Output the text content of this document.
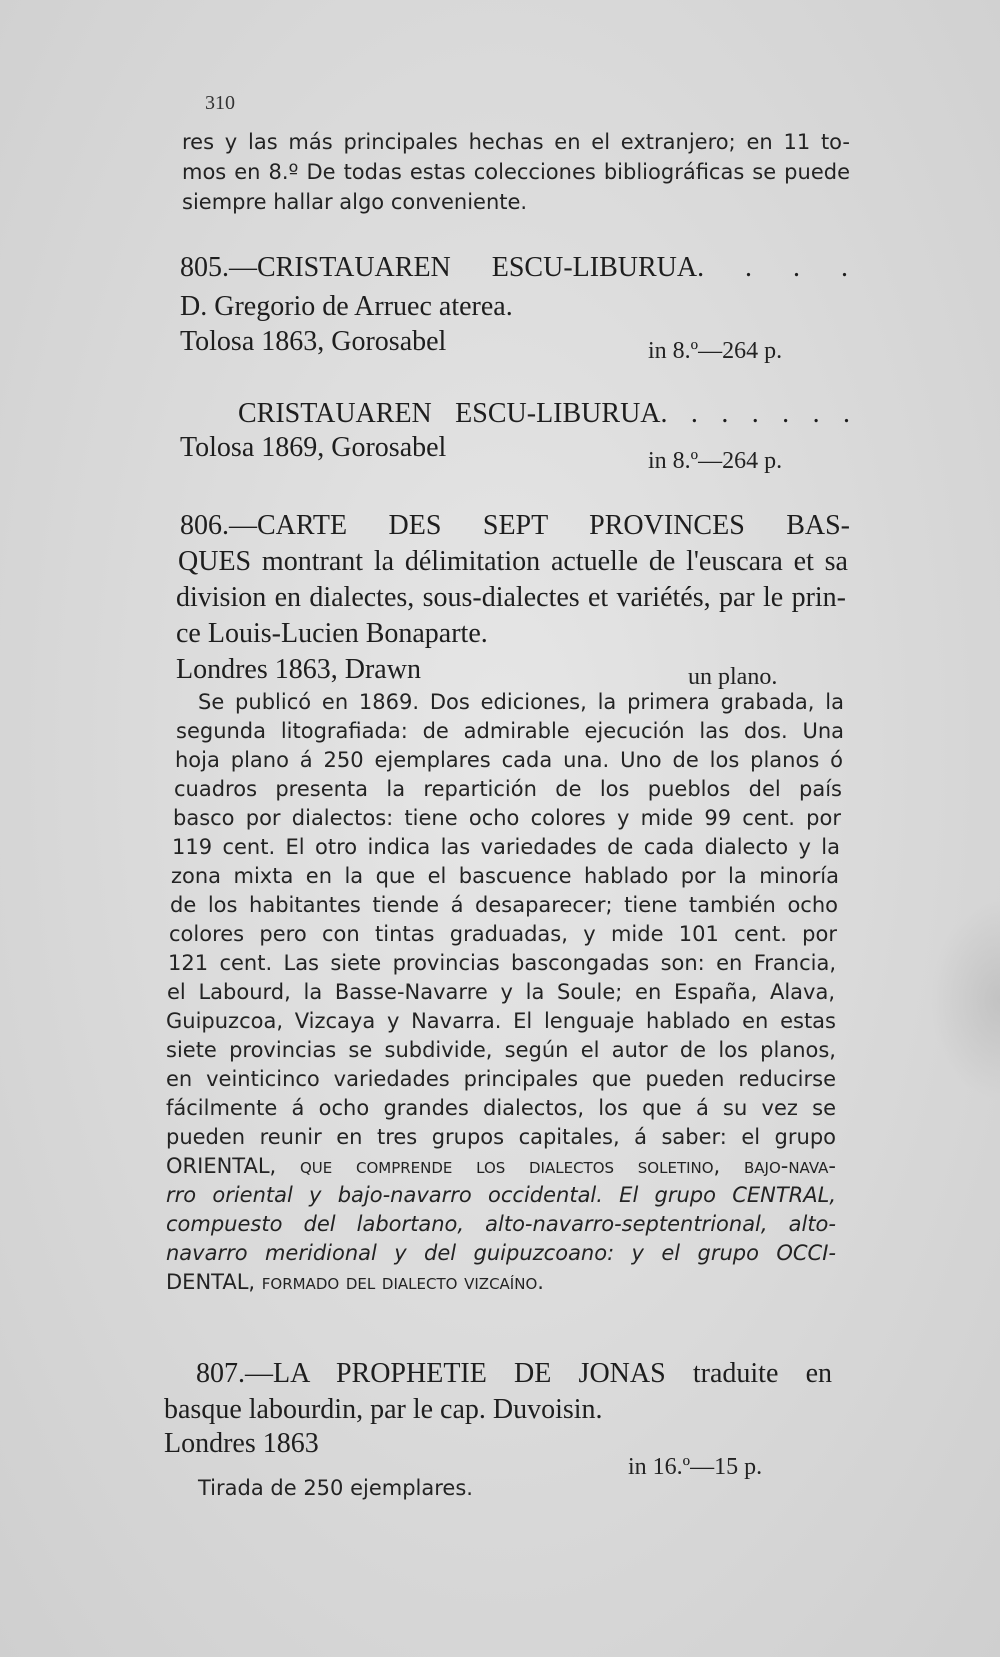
310
res y las más principales hechas en el extranjero; en 11 to-
mos en 8.º De todas estas colecciones bibliográficas se puede
siempre hallar algo conveniente.
805.—CRISTAUAREN ESCU-LIBURUA. . . .
D. Gregorio de Arruec aterea.
Tolosa 1863, Gorosabel	in 8.º—264 p.
CRISTAUAREN ESCU-LIBURUA. . . . . . .
Tolosa 1869, Gorosabel	in 8.º—264 p.
806.—CARTE DES SEPT PROVINCES BAS-
QUES montrant la délimitation actuelle de l'euscara et sa
division en dialectes, sous-dialectes et variétés, par le prin-
ce Louis-Lucien Bonaparte.
Londres 1863, Drawn	un plano.
Se publicó en 1869. Dos ediciones, la primera grabada, la
segunda litografiada: de admirable ejecución las dos. Una
hoja plano á 250 ejemplares cada una. Uno de los planos ó
cuadros presenta la repartición de los pueblos del país
basco por dialectos: tiene ocho colores y mide 99 cent. por
119 cent. El otro indica las variedades de cada dialecto y la
zona mixta en la que el bascuence hablado por la minoría
de los habitantes tiende á desaparecer; tiene también ocho
colores pero con tintas graduadas, y mide 101 cent. por
121 cent. Las siete provincias bascongadas son: en Francia,
el Labourd, la Basse-Navarre y la Soule; en España, Alava,
Guipuzcoa, Vizcaya y Navarra. El lenguaje hablado en estas
siete provincias se subdivide, según el autor de los planos,
en veinticinco variedades principales que pueden reducirse
fácilmente á ocho grandes dialectos, los que á su vez se
pueden reunir en tres grupos capitales, á saber: el grupo
ORIENTAL, que comprende los dialectos soletino, bajo-nava-
rro oriental y bajo-navarro occidental. El grupo CENTRAL,
compuesto del labortano, alto-navarro-septentrional, alto-
navarro meridional y del guipuzcoano: y el grupo OCCI-
DENTAL, formado del dialecto vizcaíno.
807.—LA PROPHETIE DE JONAS traduite en
basque labourdin, par le cap. Duvoisin.
Londres 1863
in 16.º—15 p.
Tirada de 250 ejemplares.
